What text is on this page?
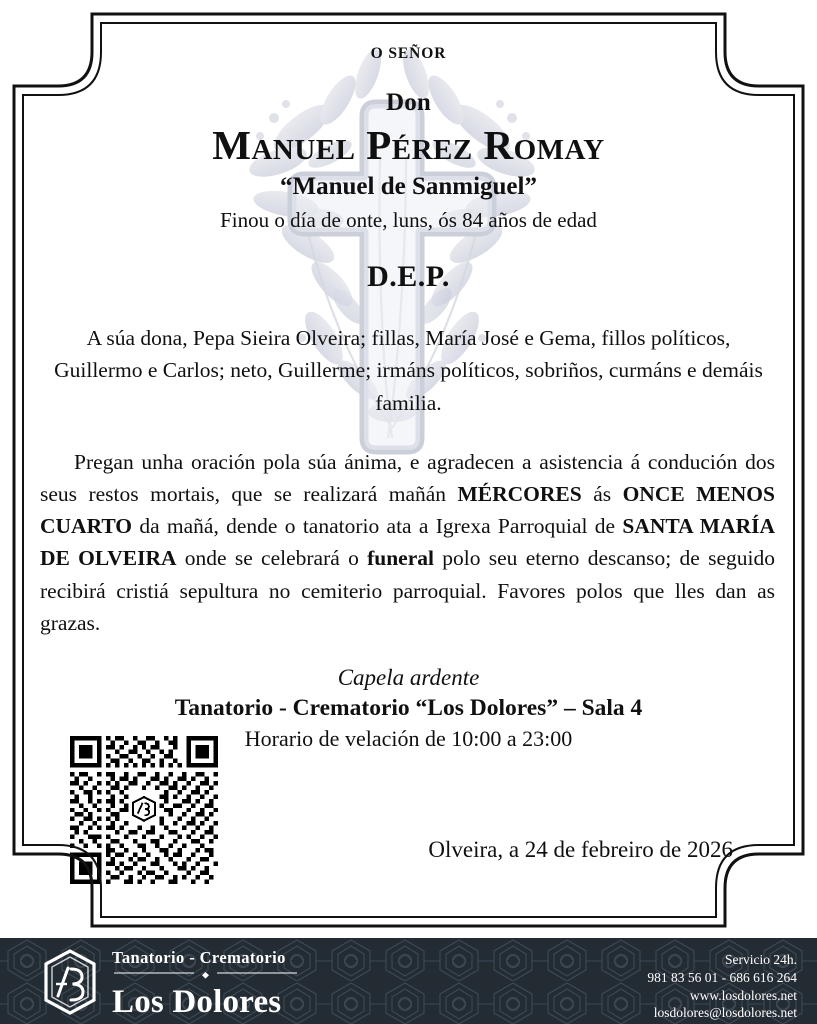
O SEÑOR
Don
Manuel Pérez Romay
“Manuel de Sanmiguel”
Finou o día de onte, luns, ós 84 años de edad
D.E.P.
A súa dona, Pepa Sieira Olveira; fillas, María José e Gema, fillos políticos, Guillermo e Carlos; neto, Guillerme; irmáns políticos, sobriños, curmáns e demáis familia.
Pregan unha oración pola súa ánima, e agradecen a asistencia á condución dos seus restos mortais, que se realizará mañán MÉRCORES ás ONCE MENOS CUARTO da mañá, dende o tanatorio ata a Igrexa Parroquial de SANTA MARÍA DE OLVEIRA onde se celebrará o funeral polo seu eterno descanso; de seguido recibirá cristiá sepultura no cemiterio parroquial. Favores polos que lles dan as grazas.
Capela ardente
Tanatorio - Crematorio “Los Dolores” – Sala 4
Horario de velación de 10:00 a 23:00
Olveira, a 24 de febreiro de 2026
Tanatorio - Crematorio
Los Dolores
Servicio 24h.
981 83 56 01 - 686 616 264
www.losdolores.net
losdolores@losdolores.net
